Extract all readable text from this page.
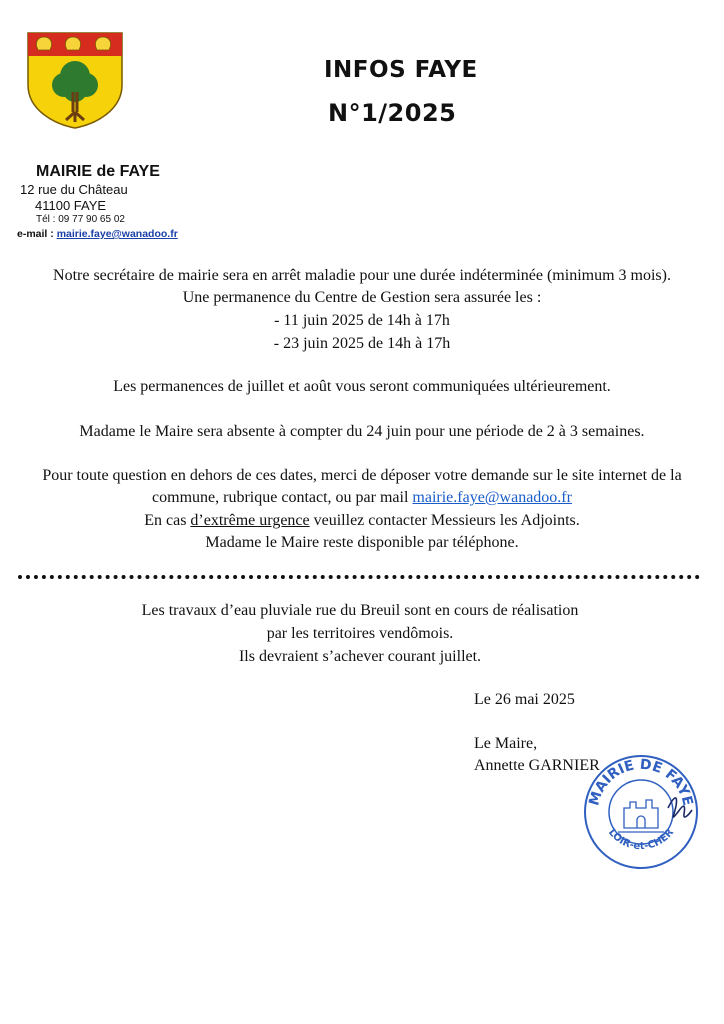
INFOS FAYE
N°1/2025
MAIRIE de FAYE
12 rue du Château
41100 FAYE
Tél : 09 77 90 65 02
e-mail : mairie.faye@wanadoo.fr
Notre secrétaire de mairie sera en arrêt maladie pour une durée indéterminée (minimum 3 mois).
Une permanence du Centre de Gestion sera assurée les :
- 11 juin 2025 de 14h à 17h
- 23 juin 2025 de 14h à 17h
Les permanences de juillet et août vous seront communiquées ultérieurement.
Madame le Maire sera absente à compter du 24 juin pour une période de 2 à 3 semaines.
Pour toute question en dehors de ces dates, merci de déposer votre demande sur le site internet de la
commune, rubrique contact, ou par mail mairie.faye@wanadoo.fr
En cas d’extrême urgence veuillez contacter Messieurs les Adjoints.
Madame le Maire reste disponible par téléphone.
Les travaux d’eau pluviale rue du Breuil sont en cours de réalisation
par les territoires vendômois.
Ils devraient s’achever courant juillet.
Le 26 mai 2025
Le Maire,
Annette GARNIER
MAIRIE DE FAYE
LOIR-et-CHER
